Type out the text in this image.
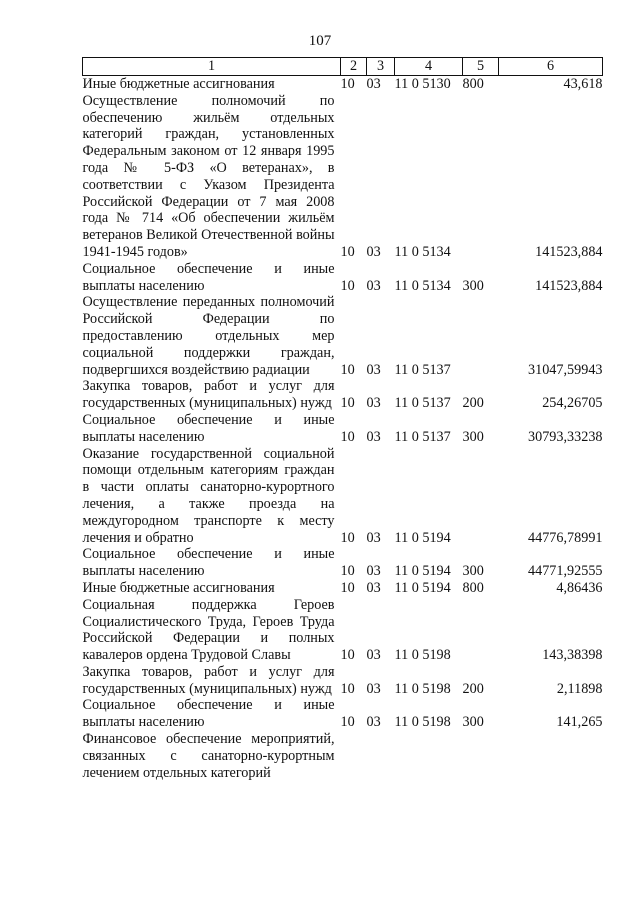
107
1	2	3	4	5	6
Иные бюджетные ассигнования	10	03	11 0 5130	800	43,618
Осуществление полномочий по обеспечению жильём отдельных категорий граждан, установленных Федеральным законом от 12 января 1995 года № 5-ФЗ «О ветеранах», в соответствии с Указом Президента Российской Федерации от 7 мая 2008 года № 714 «Об обеспечении жильём ветеранов Великой Отечественной войны 1941-1945 годов»	10	03	11 0 5134		141523,884
Социальное обеспечение и иные выплаты населению	10	03	11 0 5134	300	141523,884
Осуществление переданных полномочий Российской Федерации по предоставлению отдельных мер социальной поддержки граждан, подвергшихся воздействию радиации	10	03	11 0 5137		31047,59943
Закупка товаров, работ и услуг для государственных (муниципальных) нужд	10	03	11 0 5137	200	254,26705
Социальное обеспечение и иные выплаты населению	10	03	11 0 5137	300	30793,33238
Оказание государственной социальной помощи отдельным категориям граждан в части оплаты санаторно-курортного лечения, а также проезда на междугородном транспорте к месту лечения и обратно	10	03	11 0 5194		44776,78991
Социальное обеспечение и иные выплаты населению	10	03	11 0 5194	300	44771,92555
Иные бюджетные ассигнования	10	03	11 0 5194	800	4,86436
Социальная поддержка Героев Социалистического Труда, Героев Труда Российской Федерации и полных кавалеров ордена Трудовой Славы	10	03	11 0 5198		143,38398
Закупка товаров, работ и услуг для государственных (муниципальных) нужд	10	03	11 0 5198	200	2,11898
Социальное обеспечение и иные выплаты населению	10	03	11 0 5198	300	141,265
Финансовое обеспечение мероприятий, связанных с санаторно-курортным лечением отдельных категорий					
